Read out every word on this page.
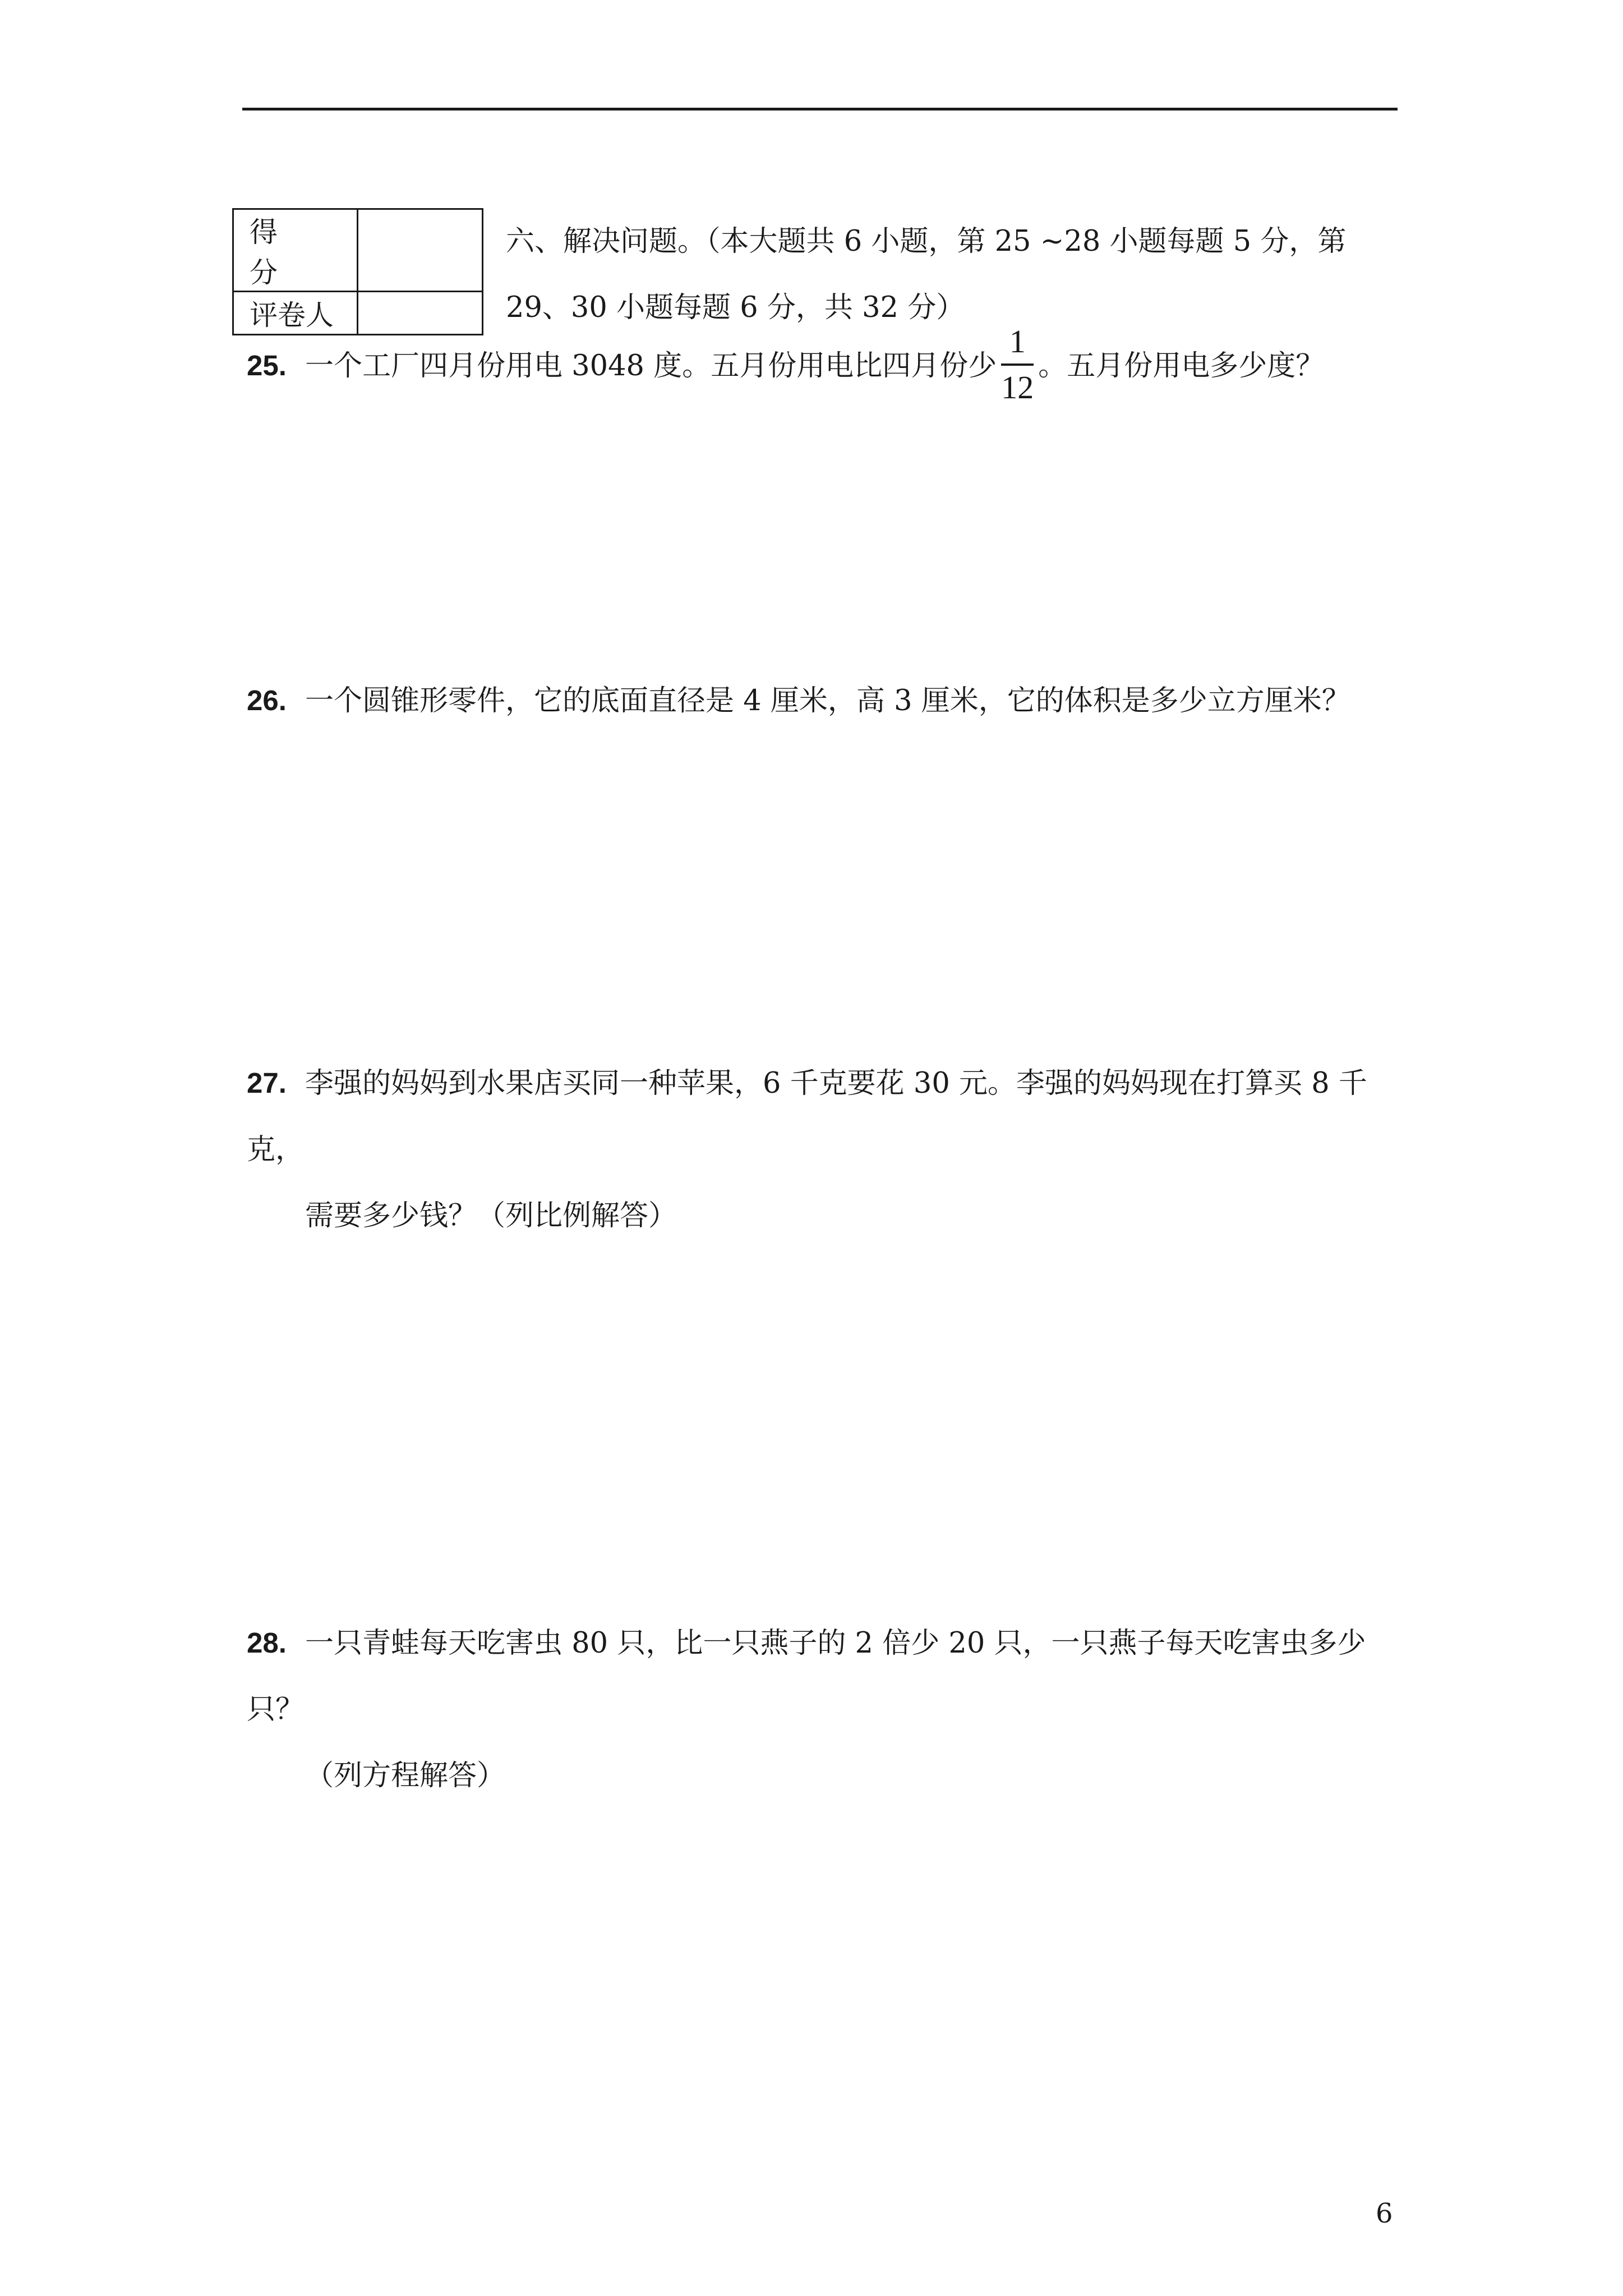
得分	
评卷人	
六、解决问题。（本大题共 6 小题，第 25 ~28 小题每题 5 分，第 29、30 小题每题 6 分，共 32 分）
25. 一个工厂四月份用电 3048 度。五月份用电比四月份少 $\frac{1}{12}$ 。五月份用电多少度？
26. 一个圆锥形零件，它的底面直径是 4 厘米，高 3 厘米，它的体积是多少立方厘米？
27. 李强的妈妈到水果店买同一种苹果，6 千克要花 30 元。李强的妈妈现在打算买 8 千克，
需要多少钱？（列比例解答）
28. 一只青蛙每天吃害虫 80 只，比一只燕子的 2 倍少 20 只，一只燕子每天吃害虫多少只？
（列方程解答）
6
